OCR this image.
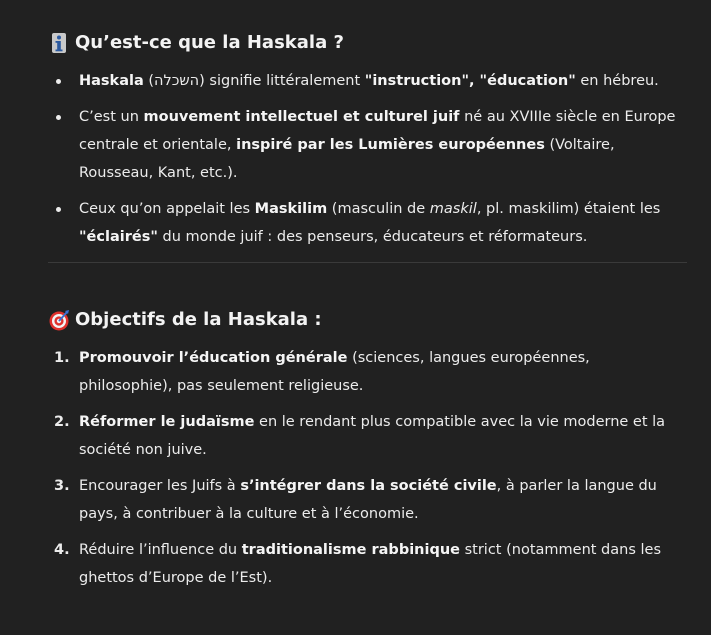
Qu’est-ce que la Haskala ?
Haskala (השכלה) signifie littéralement "instruction", "éducation" en hébreu.
C’est un mouvement intellectuel et culturel juif né au XVIIIe siècle en Europe centrale et orientale, inspiré par les Lumières européennes (Voltaire, Rousseau, Kant, etc.).
Ceux qu’on appelait les Maskilim (masculin de maskil, pl. maskilim) étaient les "éclairés" du monde juif : des penseurs, éducateurs et réformateurs.
Objectifs de la Haskala :
1. Promouvoir l’éducation générale (sciences, langues européennes, philosophie), pas seulement religieuse.
2. Réformer le judaïsme en le rendant plus compatible avec la vie moderne et la société non juive.
3. Encourager les Juifs à s’intégrer dans la société civile, à parler la langue du pays, à contribuer à la culture et à l’économie.
4. Réduire l’influence du traditionalisme rabbinique strict (notamment dans les ghettos d’Europe de l’Est).
